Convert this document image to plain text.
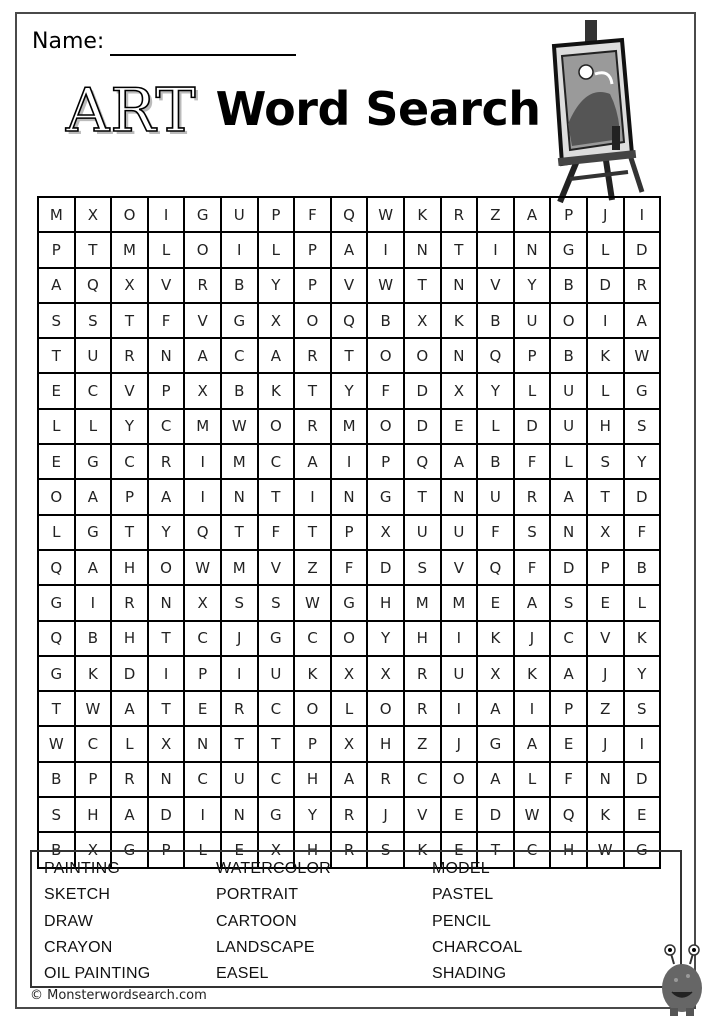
Name:
ART Word Search
M	X	O	I	G	U	P	F	Q	W	K	R	Z	A	P	J	I
P	T	M	L	O	I	L	P	A	I	N	T	I	N	G	L	D
A	Q	X	V	R	B	Y	P	V	W	T	N	V	Y	B	D	R
S	S	T	F	V	G	X	O	Q	B	X	K	B	U	O	I	A
T	U	R	N	A	C	A	R	T	O	O	N	Q	P	B	K	W
E	C	V	P	X	B	K	T	Y	F	D	X	Y	L	U	L	G
L	L	Y	C	M	W	O	R	M	O	D	E	L	D	U	H	S
E	G	C	R	I	M	C	A	I	P	Q	A	B	F	L	S	Y
O	A	P	A	I	N	T	I	N	G	T	N	U	R	A	T	D
L	G	T	Y	Q	T	F	T	P	X	U	U	F	S	N	X	F
Q	A	H	O	W	M	V	Z	F	D	S	V	Q	F	D	P	B
G	I	R	N	X	S	S	W	G	H	M	M	E	A	S	E	L
Q	B	H	T	C	J	G	C	O	Y	H	I	K	J	C	V	K
G	K	D	I	P	I	U	K	X	X	R	U	X	K	A	J	Y
T	W	A	T	E	R	C	O	L	O	R	I	A	I	P	Z	S
W	C	L	X	N	T	T	P	X	H	Z	J	G	A	E	J	I
B	P	R	N	C	U	C	H	A	R	C	O	A	L	F	N	D
S	H	A	D	I	N	G	Y	R	J	V	E	D	W	Q	K	E
B	X	G	P	L	E	X	H	R	S	K	E	T	C	H	W	G
PAINTING
SKETCH
DRAW
CRAYON
OIL PAINTING
WATERCOLOR
PORTRAIT
CARTOON
LANDSCAPE
EASEL
MODEL
PASTEL
PENCIL
CHARCOAL
SHADING
© Monsterwordsearch.com
